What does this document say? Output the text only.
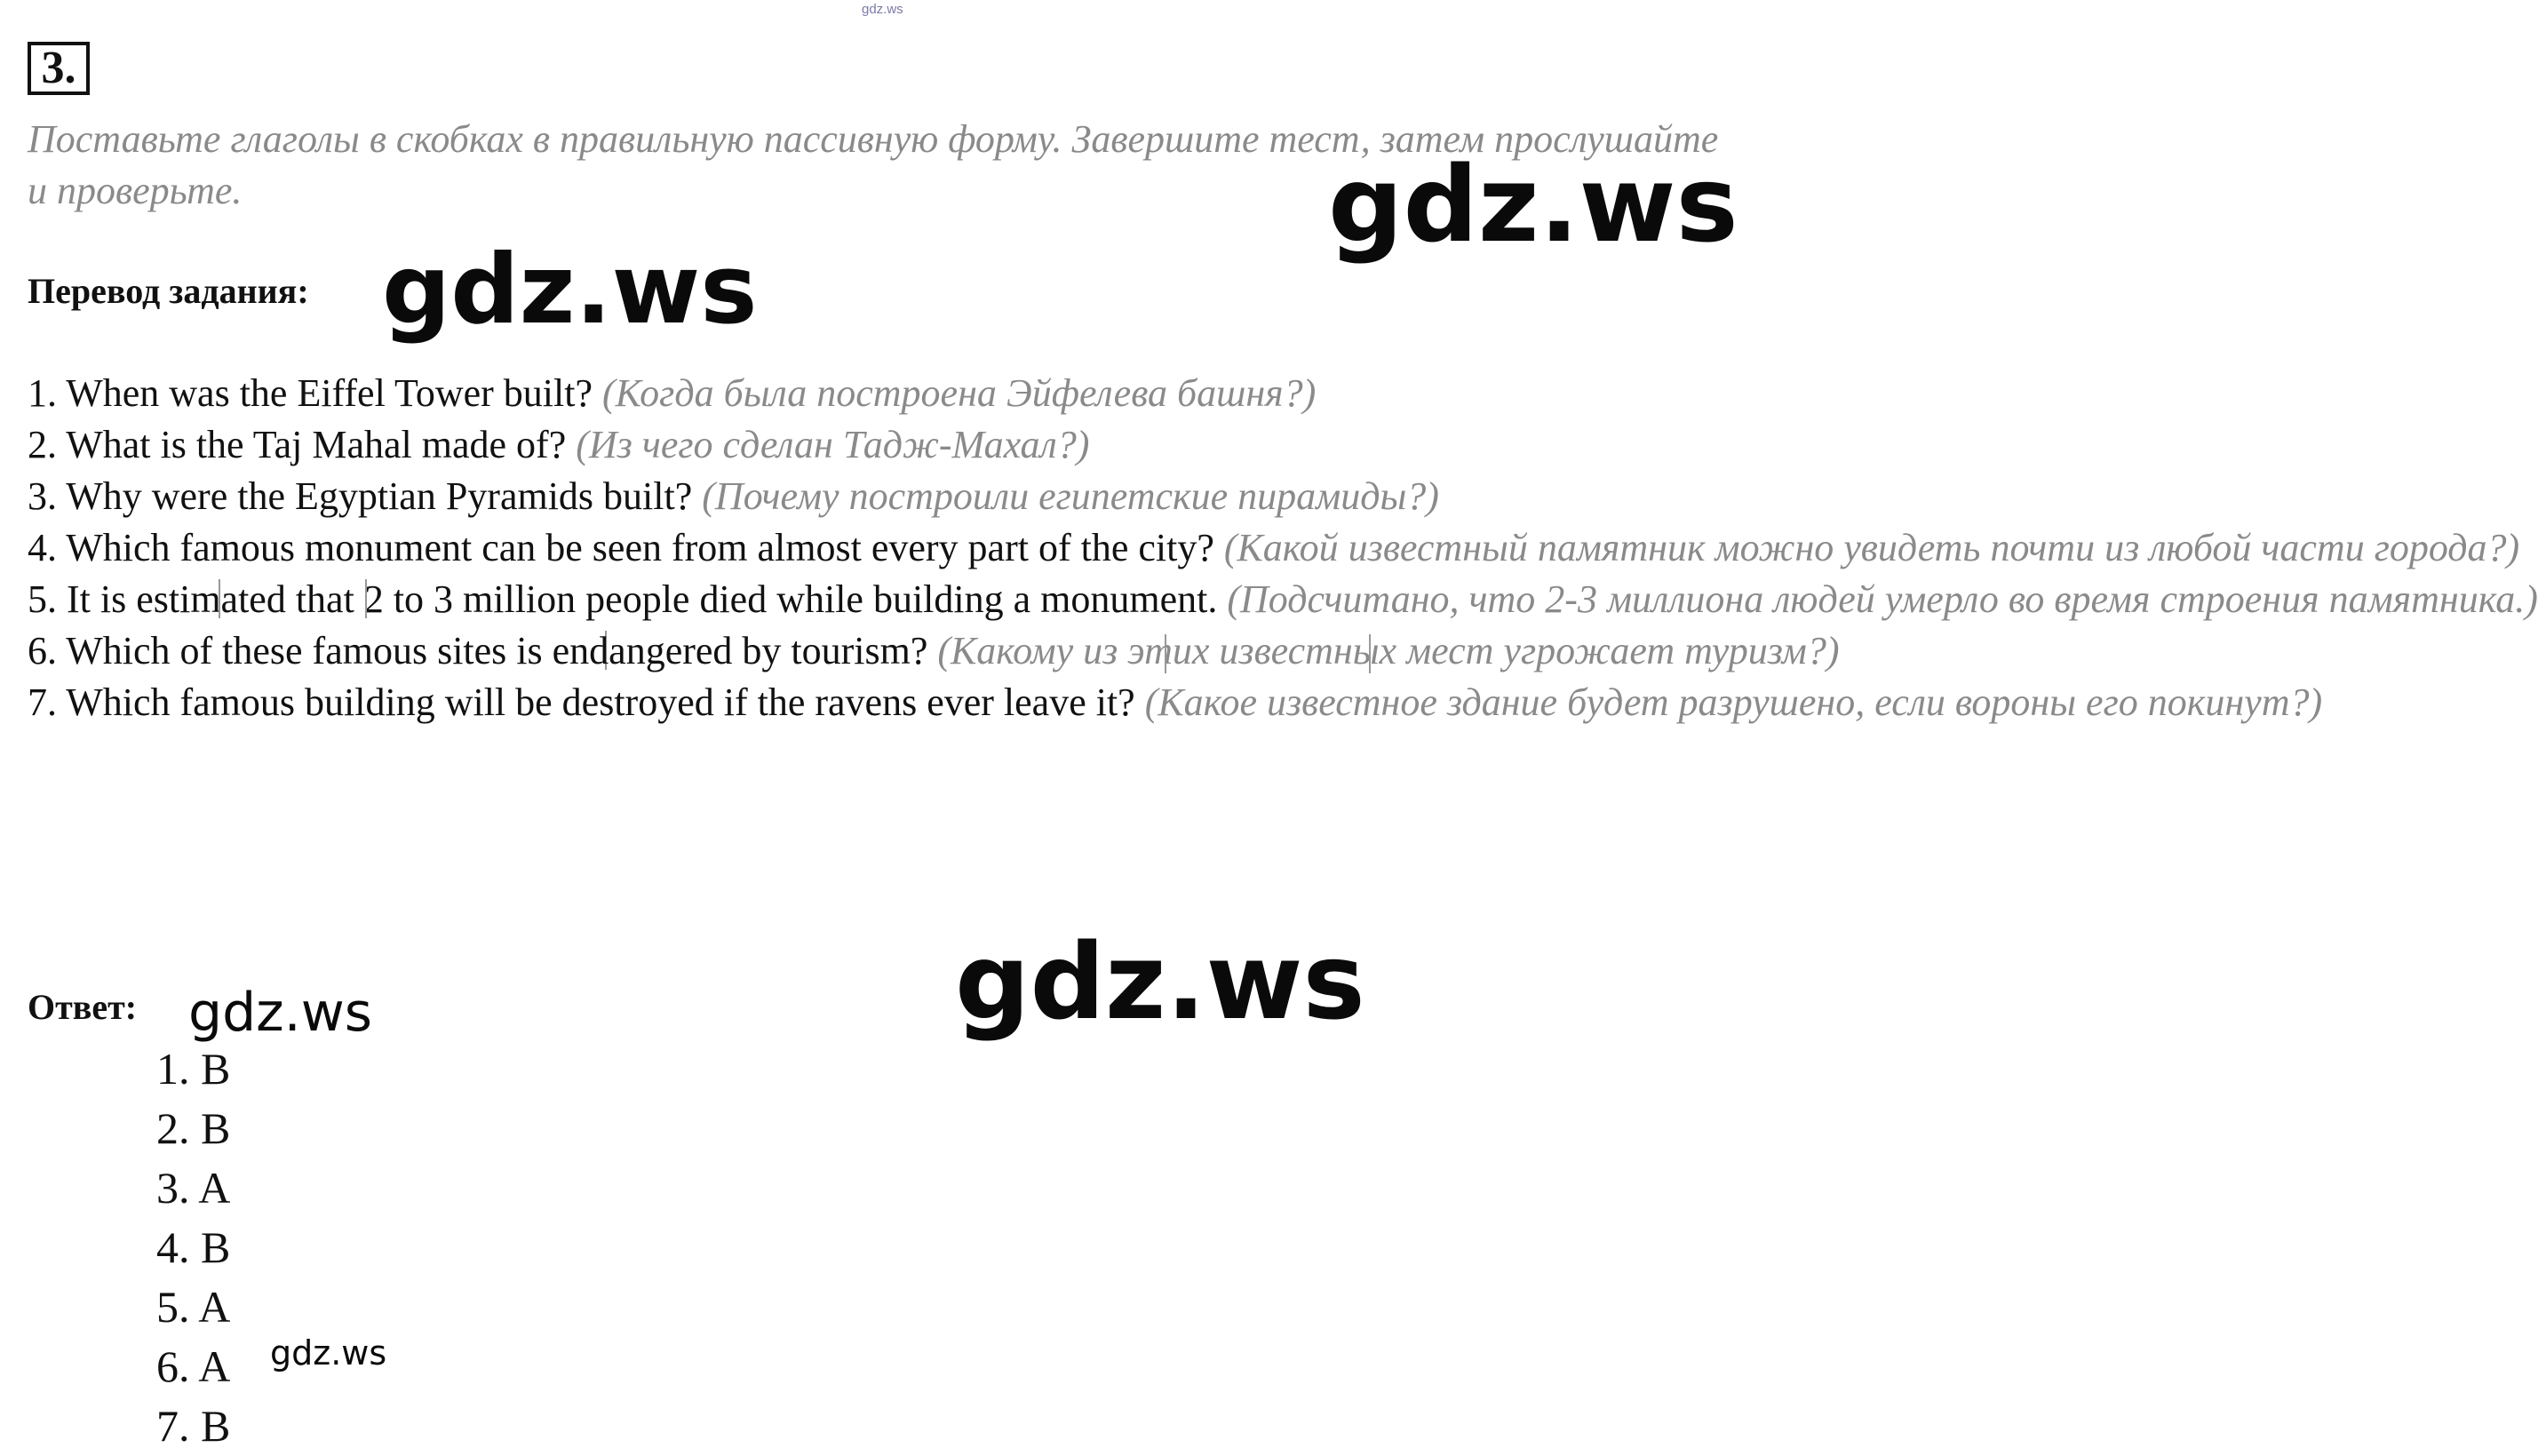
gdz.ws
3.
Поставьте глаголы в скобках в правильную пассивную форму. Завершите тест, затем прослушайте и проверьте.	gdz.ws
Перевод задания: gdz.ws
1. When was the Eiffel Tower built? (Когда была построена Эйфелева башня?)
2. What is the Taj Mahal made of? (Из чего сделан Тадж-Махал?)
3. Why were the Egyptian Pyramids built? (Почему построили египетские пирамиды?)
4. Which famous monument can be seen from almost every part of the city? (Какой известный памятник можно увидеть почти из любой части города?)
5. It is estimated that 2 to 3 million people died while building a monument. (Подсчитано, что 2-3 миллиона людей умерло во время строения памятника.)
6. Which of these famous sites is endangered by tourism? (Какому из этих известных мест угрожает туризм?)
7. Which famous building will be destroyed if the ravens ever leave it? (Какое известное здание будет разрушено, если вороны его покинут?)
gdz.ws
Ответ: gdz.ws
1. B
2. B
3. A
4. B
5. A
6. A
7. B
gdz.ws
